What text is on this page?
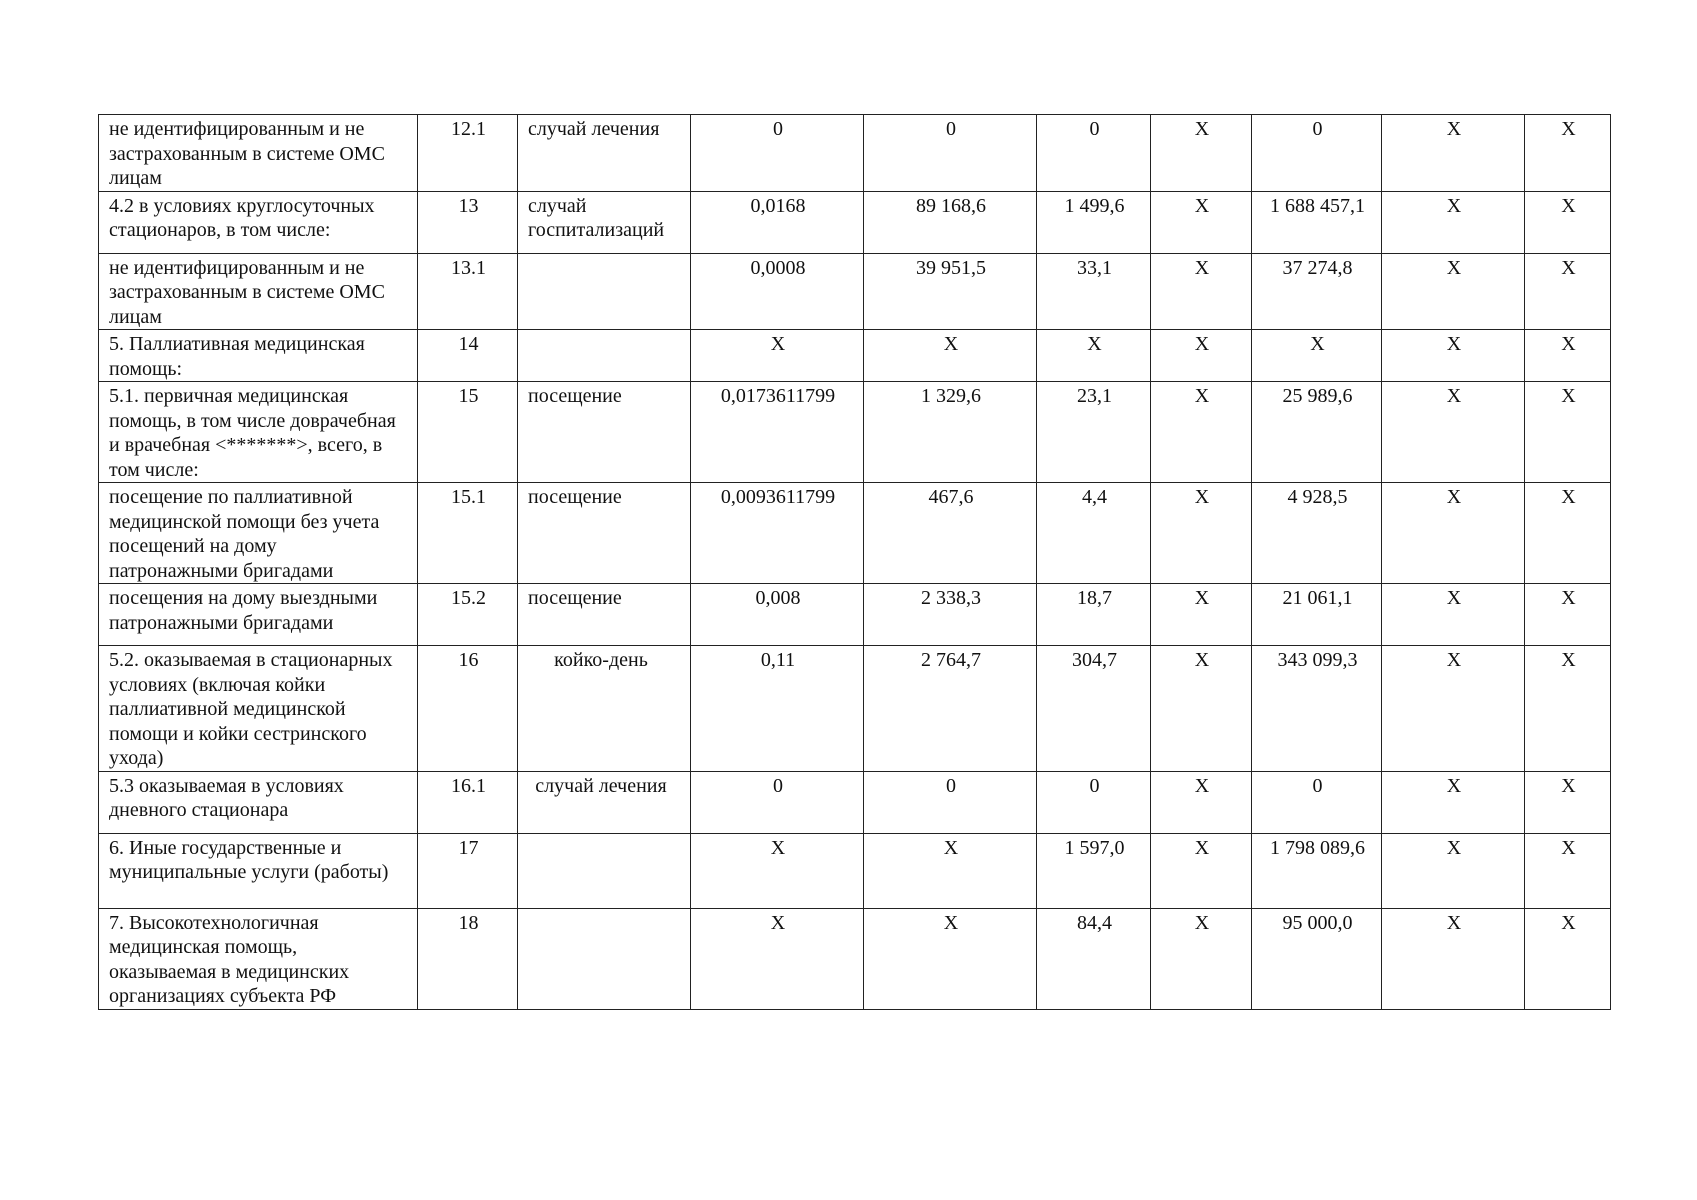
не идентифицированным и не застрахованным в системе ОМС лицам	12.1	случай лечения	0	0	0	Х	0	Х	Х
4.2 в условиях круглосуточных стационаров, в том числе:	13	случай госпитализаций	0,0168	89 168,6	1 499,6	Х	1 688 457,1	Х	Х
не идентифицированным и не застрахованным в системе ОМС лицам	13.1		0,0008	39 951,5	33,1	Х	37 274,8	Х	Х
5. Паллиативная медицинская помощь:	14		Х	Х	Х	Х	Х	Х	Х
5.1. первичная медицинская помощь, в том числе доврачебная и врачебная <*******>, всего, в том числе:	15	посещение	0,0173611799	1 329,6	23,1	Х	25 989,6	Х	Х
посещение по паллиативной медицинской помощи без учета посещений на дому патронажными бригадами	15.1	посещение	0,0093611799	467,6	4,4	Х	4 928,5	Х	Х
посещения на дому выездными патронажными бригадами	15.2	посещение	0,008	2 338,3	18,7	Х	21 061,1	Х	Х
5.2. оказываемая в стационарных условиях (включая койки паллиативной медицинской помощи и койки сестринского ухода)	16	койко-день	0,11	2 764,7	304,7	Х	343 099,3	Х	Х
5.3 оказываемая в условиях дневного стационара	16.1	случай лечения	0	0	0	Х	0	Х	Х
6. Иные государственные и муниципальные услуги (работы)	17		Х	Х	1 597,0	Х	1 798 089,6	Х	Х
7. Высокотехнологичная медицинская помощь, оказываемая в медицинских организациях субъекта РФ	18		Х	Х	84,4	Х	95 000,0	Х	Х
